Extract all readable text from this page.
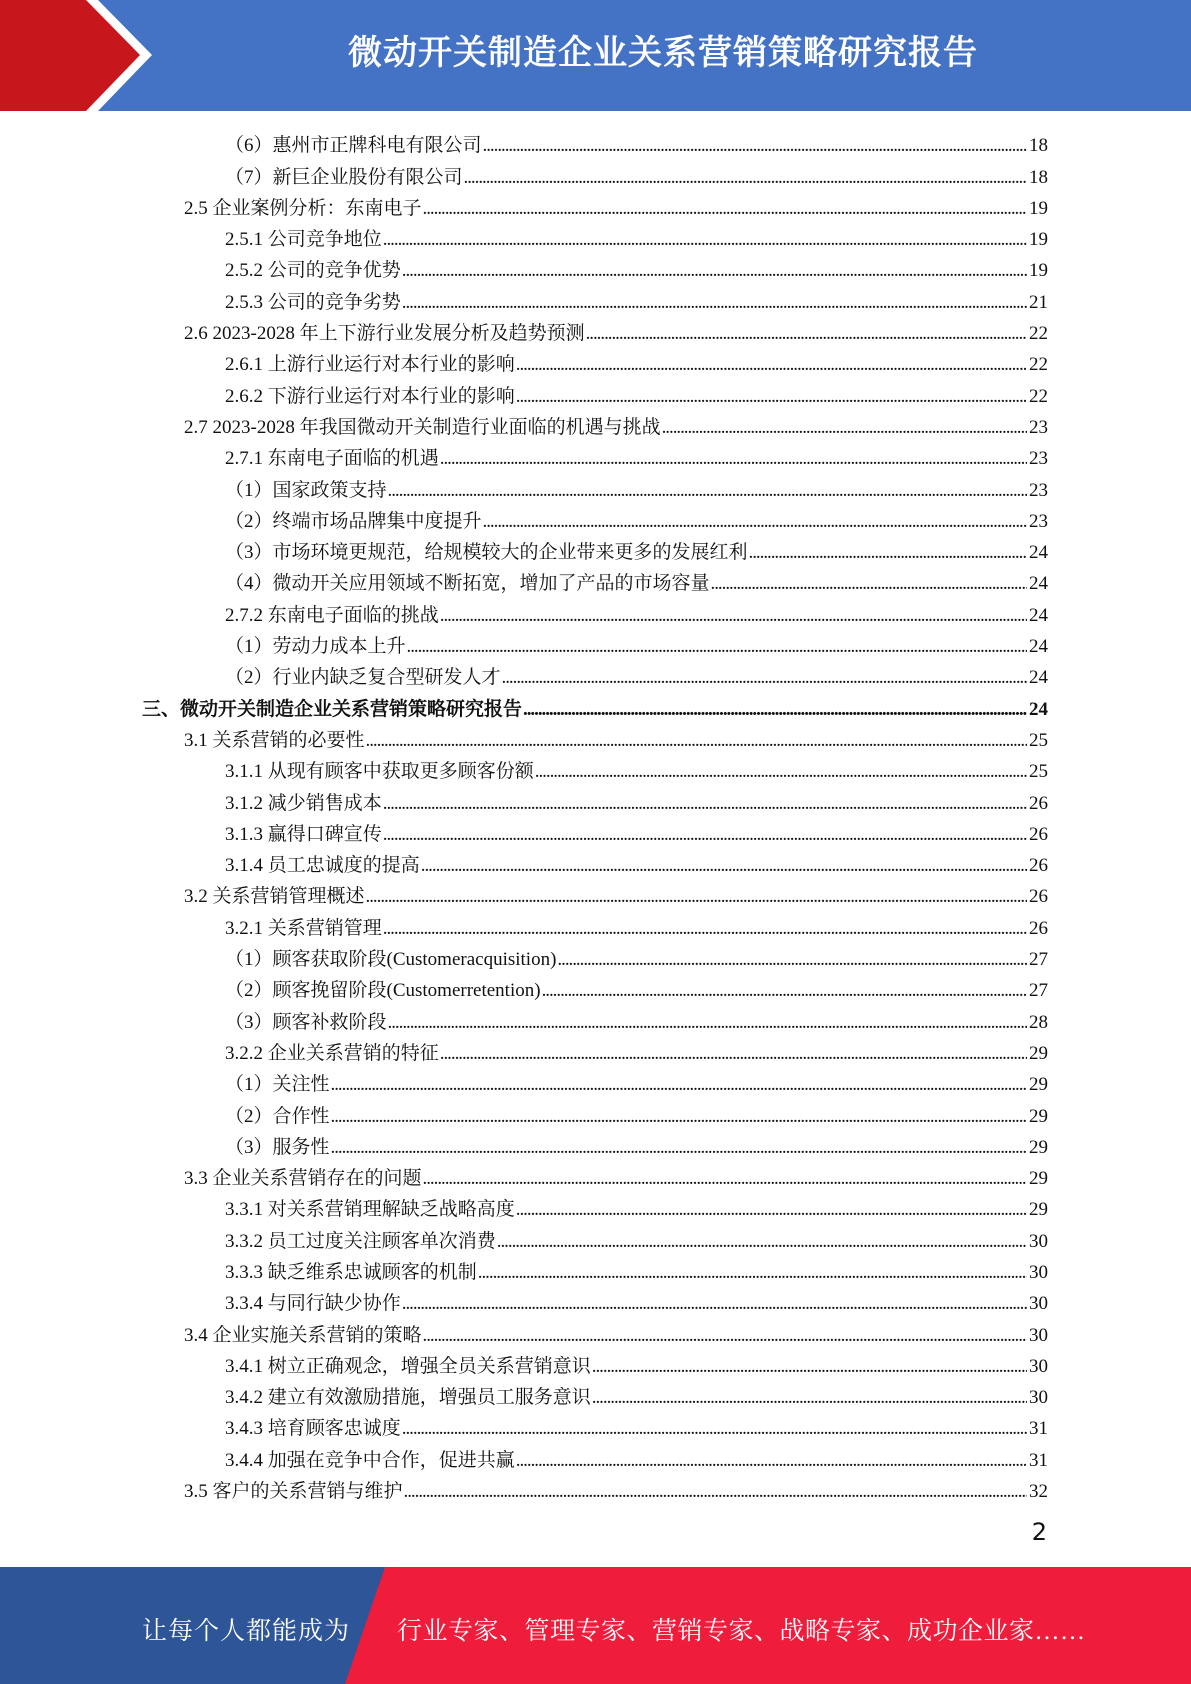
微动开关制造企业关系营销策略研究报告
（6）惠州市正牌科电有限公司 . . .	18
（7）新巨企业股份有限公司 . . .	18
2.5 企业案例分析：东南电子 . . .	19
2.5.1 公司竞争地位 . . .	19
2.5.2 公司的竞争优势 . . .	19
2.5.3 公司的竞争劣势 . . .	21
2.6 2023-2028 年上下游行业发展分析及趋势预测 . . .	22
2.6.1 上游行业运行对本行业的影响 . . .	22
2.6.2 下游行业运行对本行业的影响 . . .	22
2.7 2023-2028 年我国微动开关制造行业面临的机遇与挑战 . . .	23
2.7.1 东南电子面临的机遇 . . .	23
（1）国家政策支持 . . .	23
（2）终端市场品牌集中度提升 . . .	23
（3）市场环境更规范，给规模较大的企业带来更多的发展红利 . . .	24
（4）微动开关应用领域不断拓宽，增加了产品的市场容量 . . .	24
2.7.2 东南电子面临的挑战 . . .	24
（1）劳动力成本上升 . . .	24
（2）行业内缺乏复合型研发人才 . . .	24
三、微动开关制造企业关系营销策略研究报告 . . .	24
3.1 关系营销的必要性 . . .	25
3.1.1 从现有顾客中获取更多顾客份额 . . .	25
3.1.2 减少销售成本 . . .	26
3.1.3 赢得口碑宣传 . . .	26
3.1.4 员工忠诚度的提高 . . .	26
3.2 关系营销管理概述 . . .	26
3.2.1 关系营销管理 . . .	26
（1）顾客获取阶段(Customeracquisition) . . .	27
（2）顾客挽留阶段(Customerretention) . . .	27
（3）顾客补救阶段 . . .	28
3.2.2 企业关系营销的特征 . . .	29
（1）关注性 . . .	29
（2）合作性 . . .	29
（3）服务性 . . .	29
3.3 企业关系营销存在的问题 . . .	29
3.3.1 对关系营销理解缺乏战略高度 . . .	29
3.3.2 员工过度关注顾客单次消费 . . .	30
3.3.3 缺乏维系忠诚顾客的机制 . . .	30
3.3.4 与同行缺少协作 . . .	30
3.4 企业实施关系营销的策略 . . .	30
3.4.1 树立正确观念，增强全员关系营销意识 . . .	30
3.4.2 建立有效激励措施，增强员工服务意识 . . .	30
3.4.3 培育顾客忠诚度 . . .	31
3.4.4 加强在竞争中合作，促进共赢 . . .	31
3.5 客户的关系营销与维护 . . .	32
2
让每个人都能成为 行业专家、管理专家、营销专家、战略专家、成功企业家……
